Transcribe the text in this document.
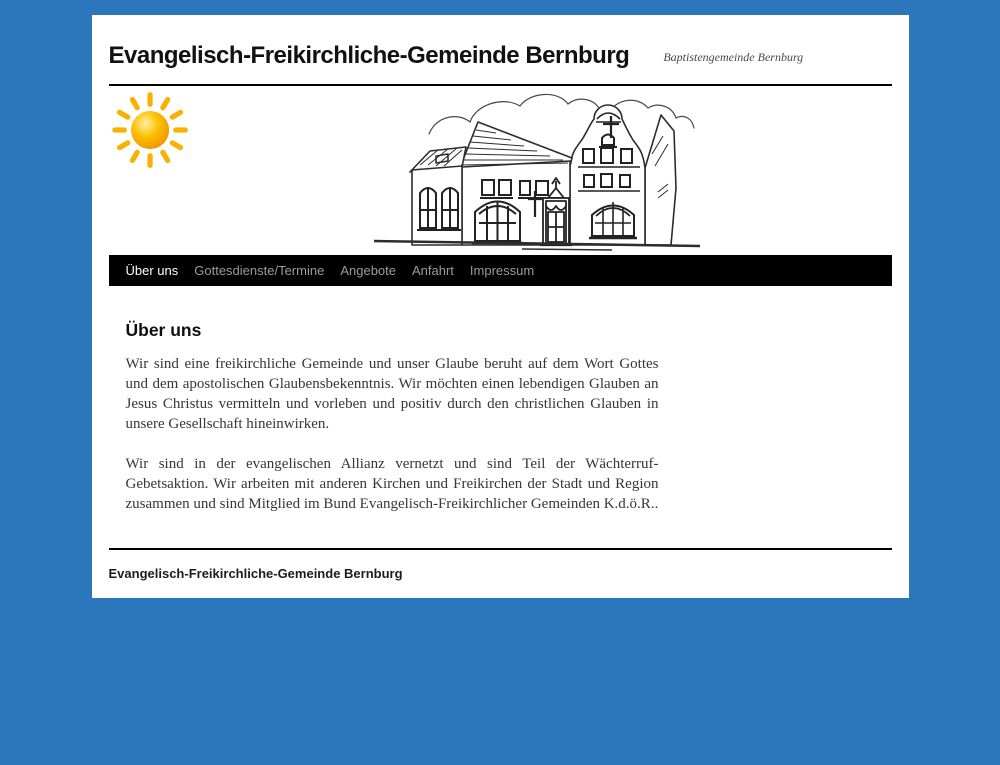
Evangelisch-Freikirchliche-Gemeinde Bernburg	Baptistengemeinde Bernburg
Über uns	Gottesdienste/Termine	Angebote	Anfahrt	Impressum
Über uns

Wir sind eine freikirchliche Gemeinde und unser Glaube beruht auf dem Wort Gottes und dem apostolischen Glaubensbekenntnis. Wir möchten einen lebendigen Glauben an Jesus Christus vermitteln und vorleben und positiv durch den christlichen Glauben in unsere Gesellschaft hineinwirken.

Wir sind in der evangelischen Allianz vernetzt und sind Teil der Wächterruf-Gebetsaktion. Wir arbeiten mit anderen Kirchen und Freikirchen der Stadt und Region zusammen und sind Mitglied im Bund Evangelisch-Freikirchlicher Gemeinden K.d.ö.R..

Evangelisch-Freikirchliche-Gemeinde Bernburg
